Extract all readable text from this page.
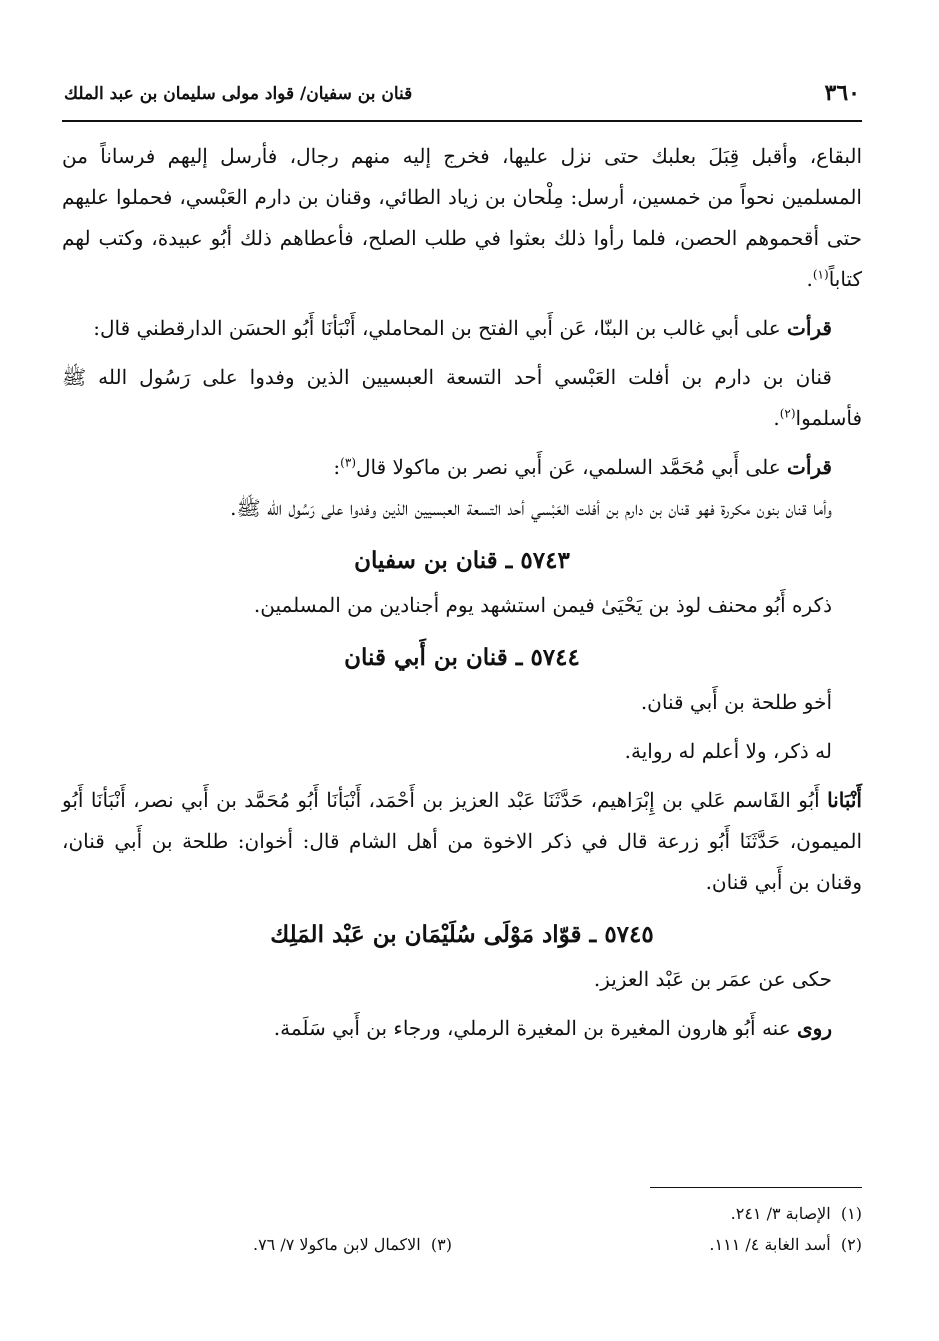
٣٦٠
قنان بن سفيان/ قواد مولى سليمان بن عبد الملك

البقاع، وأقبل قِبَلَ بعلبك حتى نزل عليها، فخرج إليه منهم رجال، فأرسل إليهم فرساناً من المسلمين نحواً من خمسين، أرسل: مِلْحان بن زياد الطائي، وقنان بن دارم العَبْسي، فحملوا عليهم حتى أقحموهم الحصن، فلما رأوا ذلك بعثوا في طلب الصلح، فأعطاهم ذلك أبُو عبيدة، وكتب لهم كتاباً$^{(١)}$.

قرأت على أبي غالب بن البنّا، عَن أَبي الفتح بن المحاملي، أَنْبَأنَا أَبُو الحسَن الدارقطني قال:

قنان بن دارم بن أفلت العَبْسي أحد التسعة العبسيين الذين وفدوا على رَسُول الله ﷺ فأسلموا$^{(٢)}$.

قرأت على أَبي مُحَمَّد السلمي، عَن أَبي نصر بن ماكولا قال$^{(٣)}$:

وأما قنان بنون مكررة فهو قنان بن دارم بن أفلت العَبْسي أحد التسعة العبسيين الذين وفدوا على رَسُول الله ﷺ.

٥٧٤٣ ـ قنان بن سفيان

ذكره أَبُو محنف لوذ بن يَحْيَىٰ فيمن استشهد يوم أجنادين من المسلمين.

٥٧٤٤ ـ قنان بن أَبي قنان

أخو طلحة بن أَبي قنان.

له ذكر، ولا أعلم له رواية.

أَنْبَانا أَبُو القَاسم عَلي بن إِبْرَاهيم، حَدَّثَنَا عَبْد العزيز بن أَحْمَد، أَنْبَأنَا أَبُو مُحَمَّد بن أَبي نصر، أَنْبَأنَا أَبُو الميمون، حَدَّثَنَا أَبُو زرعة قال في ذكر الاخوة من أهل الشام قال: أخوان: طلحة بن أَبي قنان، وقنان بن أَبي قنان.

٥٧٤٥ ـ قوّاد مَوْلَى سُلَيْمَان بن عَبْد المَلِك

حكى عن عمَر بن عَبْد العزيز.

روى عنه أَبُو هارون المغيرة بن المغيرة الرملي، ورجاء بن أَبي سَلَمة.

(١)  الإصابة ٣/ ٢٤١.
(٢)  أسد الغابة ٤/ ١١١.
(٣)  الاكمال لابن ماكولا ٧/ ٧٦.
